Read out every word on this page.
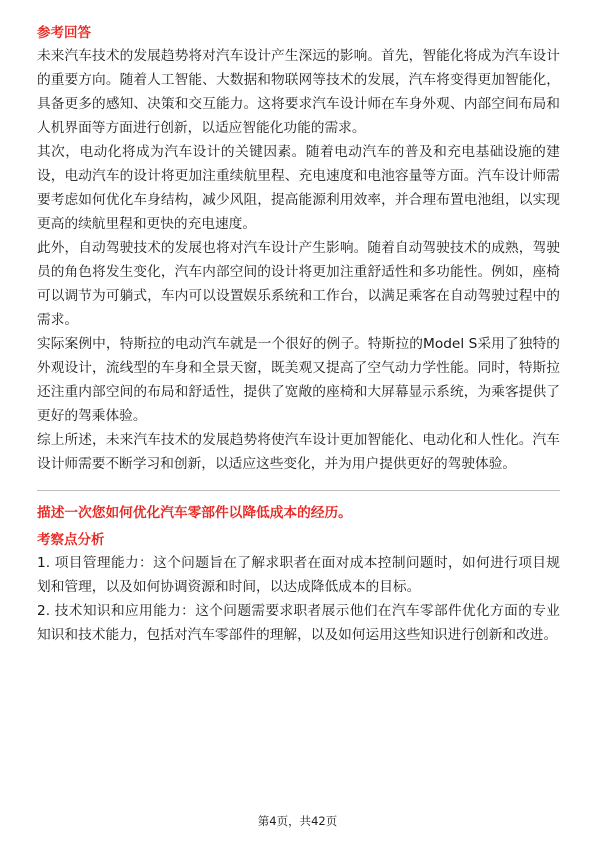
参考回答

未来汽车技术的发展趋势将对汽车设计产生深远的影响。首先，智能化将成为汽车设计的重要方向。随着人工智能、大数据和物联网等技术的发展，汽车将变得更加智能化，具备更多的感知、决策和交互能力。这将要求汽车设计师在车身外观、内部空间布局和人机界面等方面进行创新，以适应智能化功能的需求。

其次，电动化将成为汽车设计的关键因素。随着电动汽车的普及和充电基础设施的建设，电动汽车的设计将更加注重续航里程、充电速度和电池容量等方面。汽车设计师需要考虑如何优化车身结构，减少风阻，提高能源利用效率，并合理布置电池组，以实现更高的续航里程和更快的充电速度。

此外，自动驾驶技术的发展也将对汽车设计产生影响。随着自动驾驶技术的成熟，驾驶员的角色将发生变化，汽车内部空间的设计将更加注重舒适性和多功能性。例如，座椅可以调节为可躺式，车内可以设置娱乐系统和工作台，以满足乘客在自动驾驶过程中的需求。

实际案例中，特斯拉的电动汽车就是一个很好的例子。特斯拉的Model S采用了独特的外观设计，流线型的车身和全景天窗，既美观又提高了空气动力学性能。同时，特斯拉还注重内部空间的布局和舒适性，提供了宽敞的座椅和大屏幕显示系统，为乘客提供了更好的驾乘体验。

综上所述，未来汽车技术的发展趋势将使汽车设计更加智能化、电动化和人性化。汽车设计师需要不断学习和创新，以适应这些变化，并为用户提供更好的驾驶体验。

描述一次您如何优化汽车零部件以降低成本的经历。

考察点分析

1. 项目管理能力：这个问题旨在了解求职者在面对成本控制问题时，如何进行项目规划和管理，以及如何协调资源和时间，以达成降低成本的目标。

2. 技术知识和应用能力：这个问题需要求职者展示他们在汽车零部件优化方面的专业知识和技术能力，包括对汽车零部件的理解，以及如何运用这些知识进行创新和改进。

第4页，共42页
